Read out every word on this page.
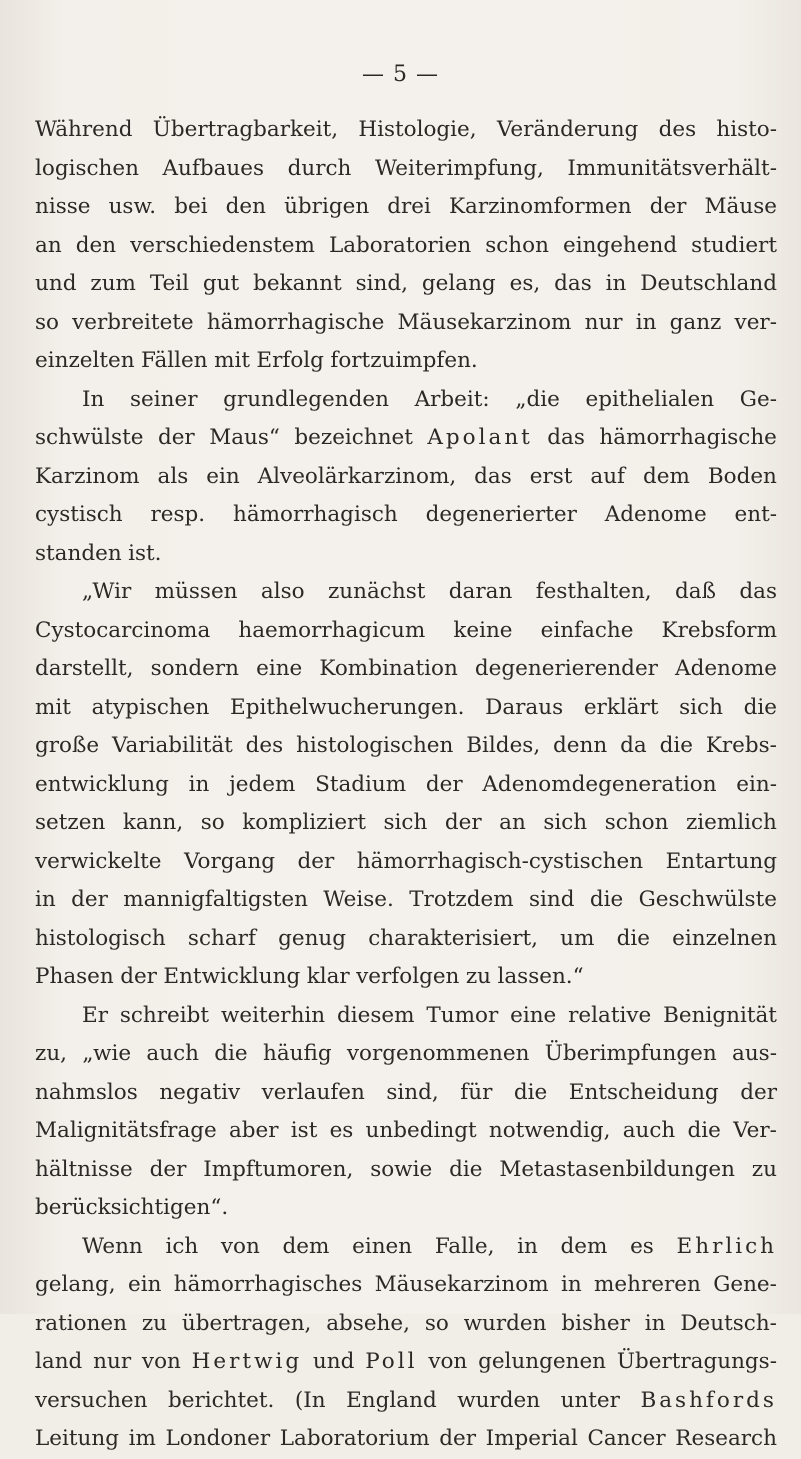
— 5 —
Während Übertragbarkeit, Histologie, Veränderung des histo-
logischen Aufbaues durch Weiterimpfung, Immunitätsverhält-
nisse usw. bei den übrigen drei Karzinomformen der Mäuse
an den verschiedenstem Laboratorien schon eingehend studiert
und zum Teil gut bekannt sind, gelang es, das in Deutschland
so verbreitete hämorrhagische Mäusekarzinom nur in ganz ver-
einzelten Fällen mit Erfolg fortzuimpfen.
In seiner grundlegenden Arbeit: „die epithelialen Ge-
schwülste der Maus“ bezeichnet Apolant das hämorrhagische
Karzinom als ein Alveolärkarzinom, das erst auf dem Boden
cystisch resp. hämorrhagisch degenerierter Adenome ent-
standen ist.
„Wir müssen also zunächst daran festhalten, daß das
Cystocarcinoma haemorrhagicum keine einfache Krebsform
darstellt, sondern eine Kombination degenerierender Adenome
mit atypischen Epithelwucherungen. Daraus erklärt sich die
große Variabilität des histologischen Bildes, denn da die Krebs-
entwicklung in jedem Stadium der Adenomdegeneration ein-
setzen kann, so kompliziert sich der an sich schon ziemlich
verwickelte Vorgang der hämorrhagisch-cystischen Entartung
in der mannigfaltigsten Weise. Trotzdem sind die Geschwülste
histologisch scharf genug charakterisiert, um die einzelnen
Phasen der Entwicklung klar verfolgen zu lassen.“
Er schreibt weiterhin diesem Tumor eine relative Benignität
zu, „wie auch die häufig vorgenommenen Überimpfungen aus-
nahmslos negativ verlaufen sind, für die Entscheidung der
Malignitätsfrage aber ist es unbedingt notwendig, auch die Ver-
hältnisse der Impftumoren, sowie die Metastasenbildungen zu
berücksichtigen“.
Wenn ich von dem einen Falle, in dem es Ehrlich
gelang, ein hämorrhagisches Mäusekarzinom in mehreren Gene-
rationen zu übertragen, absehe, so wurden bisher in Deutsch-
land nur von Hertwig und Poll von gelungenen Übertragungs-
versuchen berichtet. (In England wurden unter Bashfords
Leitung im Londoner Laboratorium der Imperial Cancer Research
